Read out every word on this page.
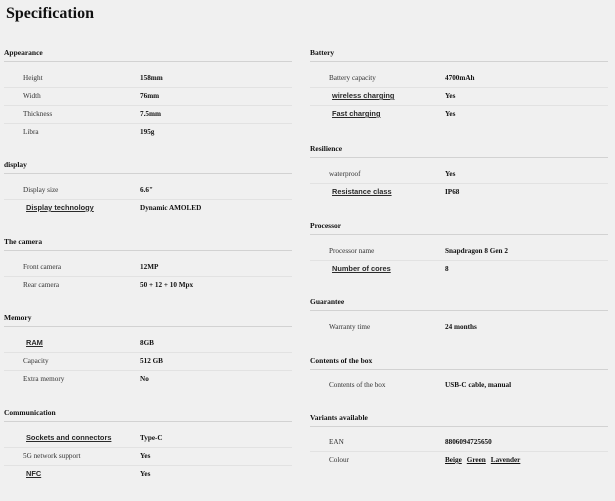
Specification
Appearance
Height	158mm
Width	76mm
Thickness	7.5mm
Libra	195g
display
Display size	6.6"
Display technology	Dynamic AMOLED
The camera
Front camera	12MP
Rear camera	50 + 12 + 10 Mpx
Memory
RAM	8GB
Capacity	512 GB
Extra memory	No
Communication
Sockets and connectors	Type-C
5G network support	Yes
NFC	Yes
Battery
Battery capacity	4700mAh
wireless charging	Yes
Fast charging	Yes
Resilience
waterproof	Yes
Resistance class	IP68
Processor
Processor name	Snapdragon 8 Gen 2
Number of cores	8
Guarantee
Warranty time	24 months
Contents of the box
Contents of the box	USB-C cable, manual
Variants available
EAN	8806094725650
Colour	Beige Green Lavender
